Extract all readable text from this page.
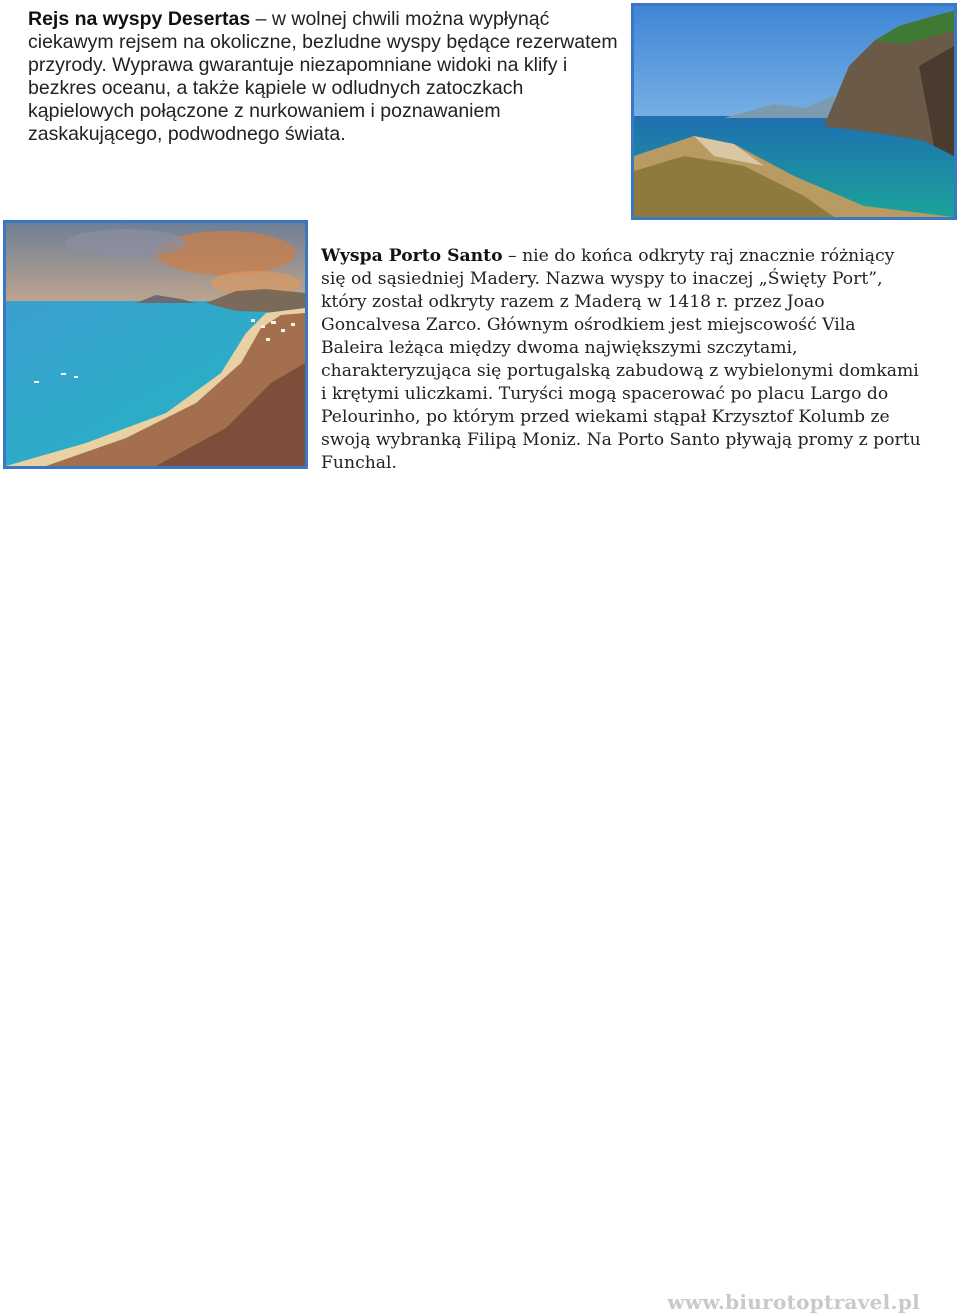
Rejs na wyspy Desertas – w wolnej chwili można wypłynąć ciekawym rejsem na okoliczne, bezludne wyspy będące rezerwatem przyrody. Wyprawa gwarantuje niezapomniane widoki na klify i bezkres oceanu, a także kąpiele w odludnych zatoczkach kąpielowych połączone z nurkowaniem i poznawaniem zaskakującego, podwodnego świata.
Wyspa Porto Santo – nie do końca odkryty raj znacznie różniący się od sąsiedniej Madery. Nazwa wyspy to inaczej „Święty Port”, który został odkryty razem z Maderą w 1418 r. przez Joao Goncalvesa Zarco. Głównym ośrodkiem jest miejscowość Vila Baleira leżąca między dwoma największymi szczytami, charakteryzująca się portugalską zabudową z wybielonymi domkami i krętymi uliczkami. Turyści mogą spacerować po placu Largo do Pelourinho, po którym przed wiekami stąpał Krzysztof Kolumb ze swoją wybranką Filipą Moniz. Na Porto Santo pływają promy z portu Funchal.
www.biurotoptravel.pl
